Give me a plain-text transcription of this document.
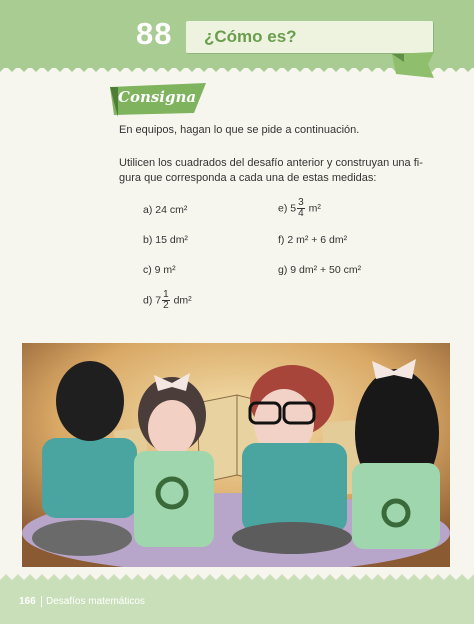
88 ¿Cómo es?
Consigna
En equipos, hagan lo que se pide a continuación.
Utilicen los cuadrados del desafío anterior y construyan una fi-
gura que corresponda a cada una de estas medidas:
a) 24 cm²
b) 15 dm²
c) 9 m²
d) $7 \frac{1}{2} dm^2$
e) $5 \frac{3}{4} m^2$
f) 2 m² + 6 dm²
g) 9 dm² + 50 cm²
166 Desafíos matemáticos
